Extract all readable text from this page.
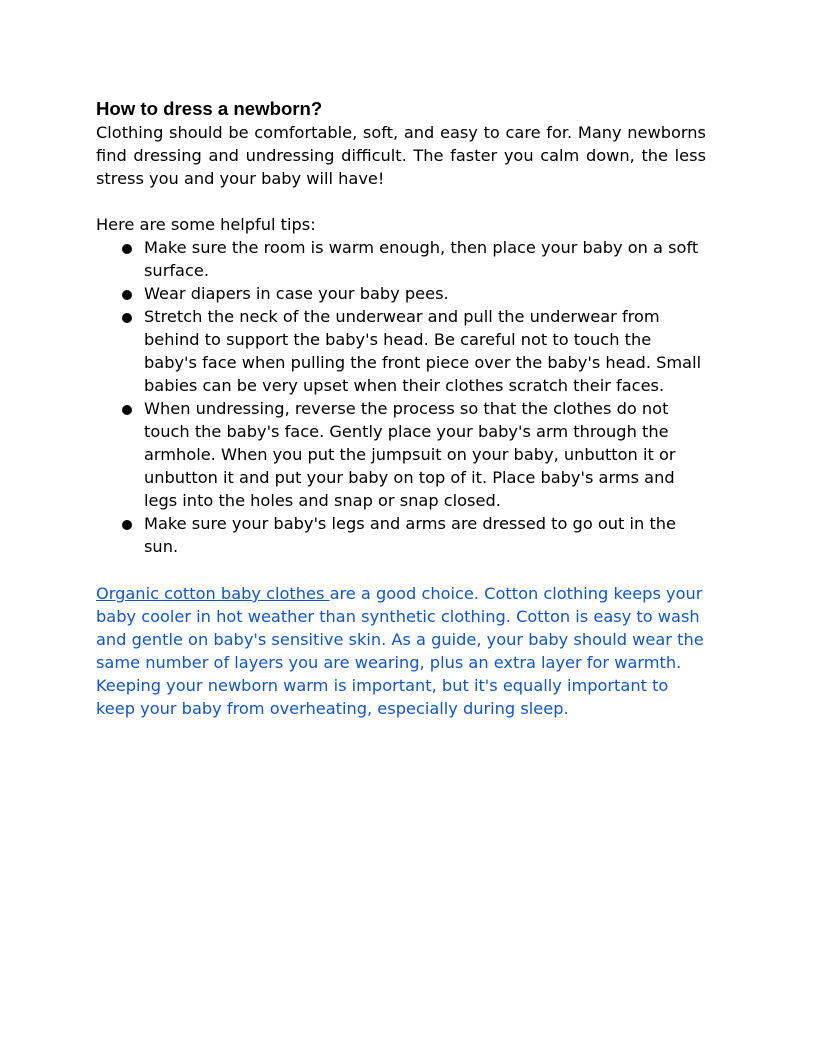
How to dress a newborn?

Clothing should be comfortable, soft, and easy to care for. Many newborns find dressing and undressing difficult. The faster you calm down, the less stress you and your baby will have!

Here are some helpful tips:

Make sure the room is warm enough, then place your baby on a soft surface.
Wear diapers in case your baby pees.
Stretch the neck of the underwear and pull the underwear from behind to support the baby's head. Be careful not to touch the baby's face when pulling the front piece over the baby's head. Small babies can be very upset when their clothes scratch their faces.
When undressing, reverse the process so that the clothes do not touch the baby's face. Gently place your baby's arm through the armhole. When you put the jumpsuit on your baby, unbutton it or unbutton it and put your baby on top of it. Place baby's arms and legs into the holes and snap or snap closed.
Make sure your baby's legs and arms are dressed to go out in the sun.

Organic cotton baby clothes are a good choice. Cotton clothing keeps your baby cooler in hot weather than synthetic clothing. Cotton is easy to wash and gentle on baby's sensitive skin. As a guide, your baby should wear the same number of layers you are wearing, plus an extra layer for warmth. Keeping your newborn warm is important, but it's equally important to keep your baby from overheating, especially during sleep.
